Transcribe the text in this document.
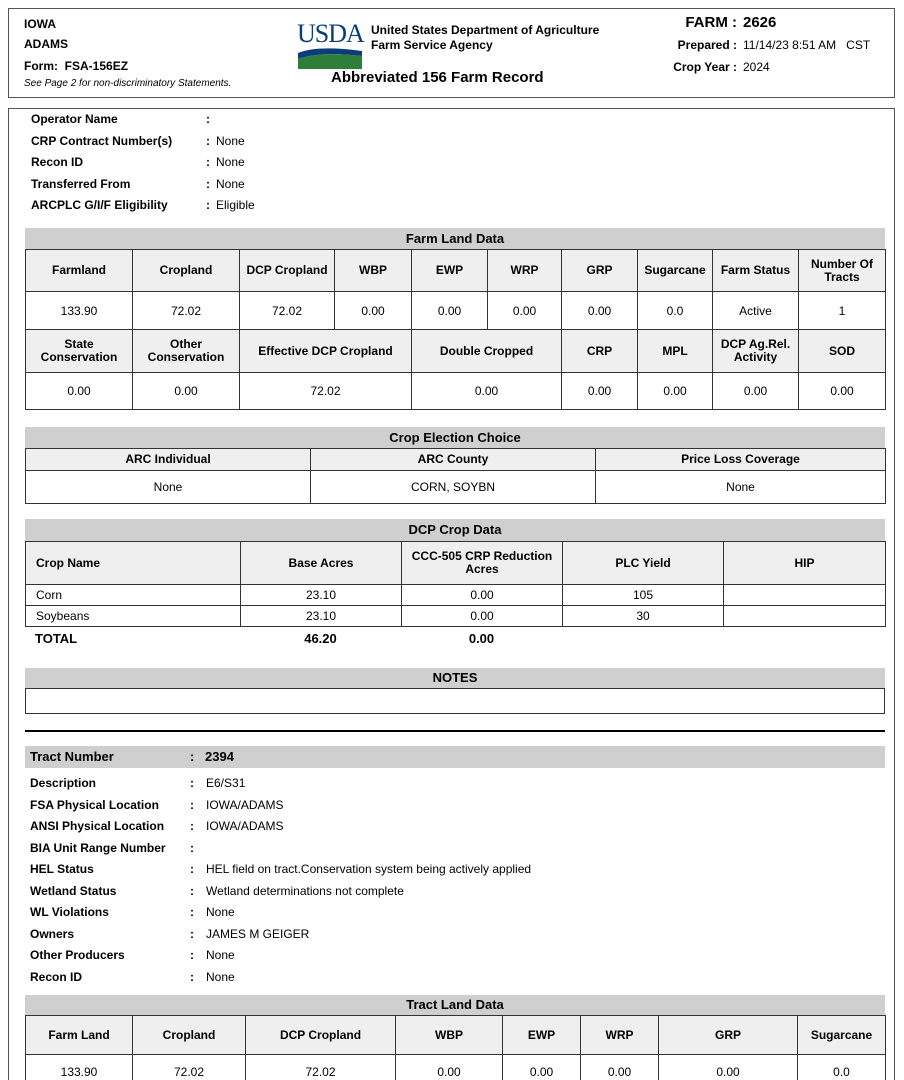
IOWA
ADAMS
Form: FSA-156EZ
See Page 2 for non-discriminatory Statements.
USDA United States Department of Agriculture
Farm Service Agency
Abbreviated 156 Farm Record
FARM : 2626
Prepared : 11/14/23 8:51 AM   CST
Crop Year : 2024
Operator Name	:
CRP Contract Number(s)	: None
Recon ID	: None
Transferred From	: None
ARCPLC G/I/F Eligibility	: Eligible
Farm Land Data
Farmland	Cropland	DCP Cropland	WBP	EWP	WRP	GRP	Sugarcane	Farm Status	Number Of Tracts
133.90	72.02	72.02	0.00	0.00	0.00	0.00	0.0	Active	1
State Conservation	Other Conservation	Effective DCP Cropland		Double Cropped		CRP	MPL	DCP Ag.Rel. Activity	SOD
0.00	0.00	72.02		0.00		0.00	0.00	0.00	0.00
Crop Election Choice
ARC Individual	ARC County	Price Loss Coverage
None	CORN, SOYBN	None
DCP Crop Data
Crop Name	Base Acres	CCC-505 CRP Reduction Acres	PLC Yield	HIP
Corn	23.10	0.00	105	
Soybeans	23.10	0.00	30	
TOTAL	46.20	0.00
NOTES
Tract Number	: 2394
Description	: E6/S31
FSA Physical Location	: IOWA/ADAMS
ANSI Physical Location : IOWA/ADAMS
BIA Unit Range Number :
HEL Status	: HEL field on tract.Conservation system being actively applied
Wetland Status	: Wetland determinations not complete
WL Violations	: None
Owners	: JAMES M GEIGER
Other Producers	: None
Recon ID	: None
Tract Land Data
Farm Land	Cropland	DCP Cropland	WBP	EWP	WRP	GRP	Sugarcane
133.90	72.02	72.02	0.00	0.00	0.00	0.00	0.0
